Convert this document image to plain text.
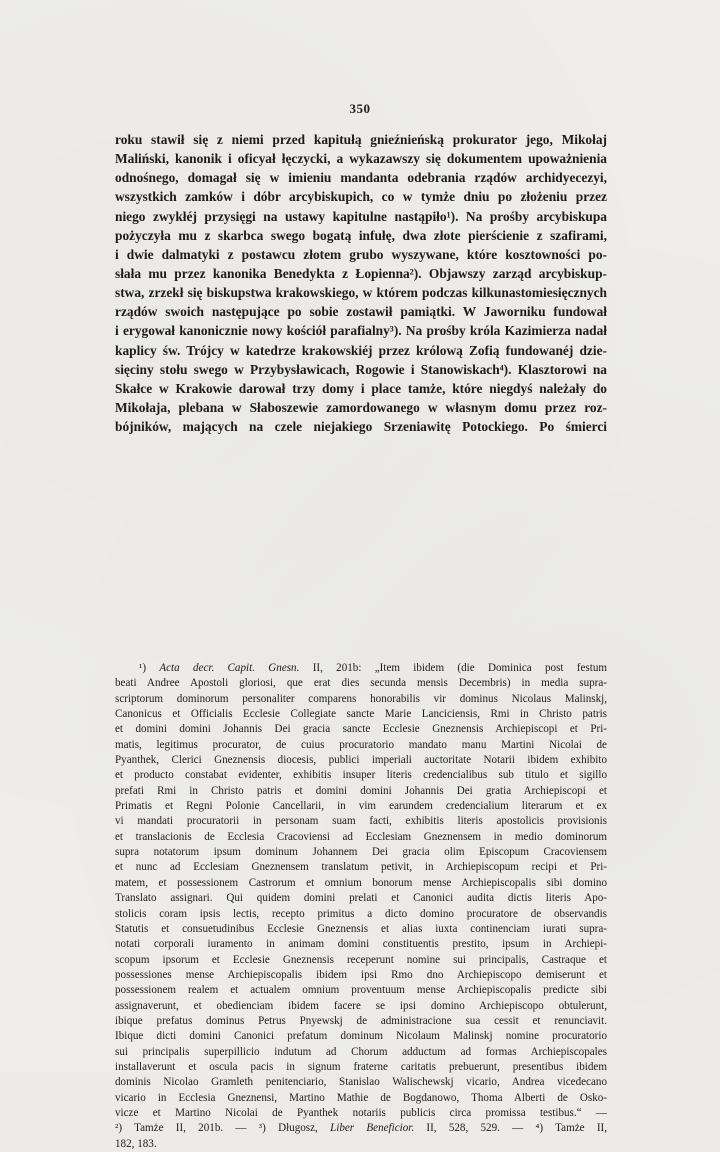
350
roku stawił się z niemi przed kapitułą gnieźnieńską prokurator jego, Mikołaj
Maliński, kanonik i oficyał łęczycki, a wykazawszy się dokumentem upoważnienia
odnośnego, domagał się w imieniu mandanta odebrania rządów archidyecezyi,
wszystkich zamków i dóbr arcybiskupich, co w tymże dniu po złożeniu przez
niego zwykłéj przysięgi na ustawy kapitulne nastąpiło¹). Na prośby arcybiskupa
pożyczyła mu z skarbca swego bogatą infułę, dwa złote pierścienie z szafirami,
i dwie dalmatyki z postawcu złotem grubo wyszywane, które kosztowności po-
słała mu przez kanonika Benedykta z Łopienna²). Objawszy zarząd arcybiskup-
stwa, zrzekł się biskupstwa krakowskiego, w którem podczas kilkunastomiesięcznych
rządów swoich następujące po sobie zostawił pamiątki. W Jaworniku fundował
i erygował kanonicznie nowy kościół parafialny³). Na prośby króla Kazimierza nadał
kaplicy św. Trójcy w katedrze krakowskiéj przez królową Zofią fundowanéj dzie-
sięciny stołu swego w Przybysławicach, Rogowie i Stanowiskach⁴). Klasztorowi na
Skałce w Krakowie darował trzy domy i place tamże, które niegdyś należały do
Mikołaja, plebana w Słaboszewie zamordowanego w własnym domu przez roz-
bójników, mających na czele niejakiego Srzeniawitę Potockiego. Po śmierci
¹) Acta decr. Capit. Gnesn. II, 201b: „Item ibidem (die Dominica post festum
beati Andree Apostoli gloriosi, que erat dies secunda mensis Decembris) in media supra-
scriptorum dominorum personaliter comparens honorabilis vir dominus Nicolaus Malinskj,
Canonicus et Officialis Ecclesie Collegiate sancte Marie Lanciciensis, Rmi in Christo patris
et domini domini Johannis Dei gracia sancte Ecclesie Gneznensis Archiepiscopi et Pri-
matis, legitimus procurator, de cuius procuratorio mandato manu Martini Nicolai de
Pyanthek, Clerici Gneznensis diocesis, publici imperiali auctoritate Notarii ibidem exhibito
et producto constabat evidenter, exhibitis insuper literis credencialibus sub titulo et sigillo
prefati Rmi in Christo patris et domini domini Johannis Dei gratia Archiepiscopi et
Primatis et Regni Polonie Cancellarii, in vim earundem credencialium literarum et ex
vi mandati procuratorii in personam suam facti, exhibitis literis apostolicis provisionis
et translacionis de Ecclesia Cracoviensi ad Ecclesiam Gneznensem in medio dominorum
supra notatorum ipsum dominum Johannem Dei gracia olim Episcopum Cracoviensem
et nunc ad Ecclesiam Gneznensem translatum petivit, in Archiepiscopum recipi et Pri-
matem, et possessionem Castrorum et omnium bonorum mense Archiepiscopalis sibi domino
Translato assignari. Qui quidem domini prelati et Canonici audita dictis literis Apo-
stolicis coram ipsis lectis, recepto primitus a dicto domino procuratore de observandis
Statutis et consuetudinibus Ecclesie Gneznensis et alias iuxta continenciam iurati supra-
notati corporali iuramento in animam domini constituentis prestito, ipsum in Archiepi-
scopum ipsorum et Ecclesie Gneznensis receperunt nomine sui principalis, Castraque et
possessiones mense Archiepiscopalis ibidem ipsi Rmo dno Archiepiscopo demiserunt et
possessionem realem et actualem omnium proventuum mense Archiepiscopalis predicte sibi
assignaverunt, et obedienciam ibidem facere se ipsi domino Archiepiscopo obtulerunt,
ibique prefatus dominus Petrus Pnyewskj de administracione sua cessit et renunciavit.
Ibique dicti domini Canonici prefatum dominum Nicolaum Malinskj nomine procuratorio
sui principalis superpillicio indutum ad Chorum adductum ad formas Archiepiscopales
installaverunt et oscula pacis in signum fraterne caritatis prebuerunt, presentibus ibidem
dominis Nicolao Gramleth penitenciario, Stanislao Walischewskj vicario, Andrea vicedecano
vicario in Ecclesia Gneznensi, Martino Mathie de Bogdanowo, Thoma Alberti de Osko-
vicze et Martino Nicolai de Pyanthek notariis publicis circa promissa testibus.“ —
²) Tamże II, 201b. — ³) Długosz, Liber Beneficior. II, 528, 529. — ⁴) Tamże II,
182, 183.
